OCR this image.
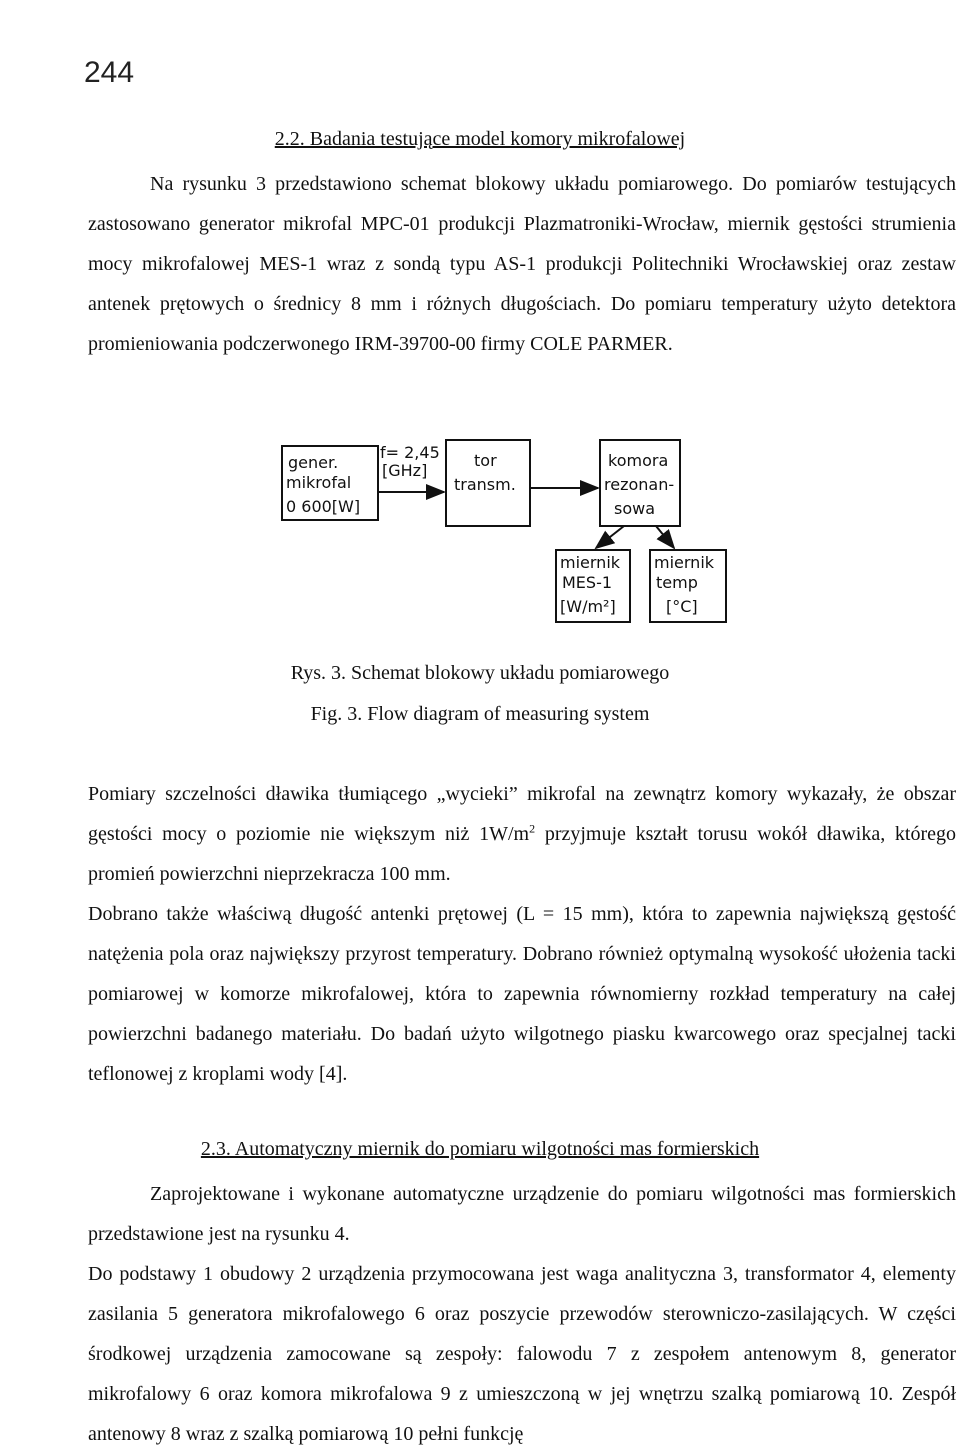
244
2.2. Badania testujące model komory mikrofalowej

Na rysunku 3 przedstawiono schemat blokowy układu pomiarowego. Do pomiarów testujących zastosowano generator mikrofal MPC-01 produkcji Plazmatroniki-Wrocław, miernik gęstości strumienia mocy mikrofalowej MES-1 wraz z sondą typu AS-1 produkcji Politechniki Wrocławskiej oraz zestaw antenek prętowych o średnicy 8 mm i różnych długościach. Do pomiaru temperatury użyto detektora promieniowania podczerwonego IRM-39700-00 firmy COLE PARMER.

gener.
mikrofal
0 600[W]
f= 2,45
[GHz]
tor
transm.
komora
rezonan-
sowa
miernik
MES-1
[W/m²]
miernik
temp
[°C]
Rys. 3. Schemat blokowy układu pomiarowego
Fig. 3. Flow diagram of measuring system

Pomiary szczelności dławika tłumiącego „wycieki” mikrofal na zewnątrz komory wykazały, że obszar gęstości mocy o poziomie nie większym niż $1W/m^2$ przyjmuje kształt torusu wokół dławika, którego promień powierzchni nieprzekracza 100 mm.

Dobrano także właściwą długość antenki prętowej (L = 15 mm), która to zapewnia największą gęstość natężenia pola oraz największy przyrost temperatury. Dobrano również optymalną wysokość ułożenia tacki pomiarowej w komorze mikrofalowej, która to zapewnia równomierny rozkład temperatury na całej powierzchni badanego materiału. Do badań użyto wilgotnego piasku kwarcowego oraz specjalnej tacki teflonowej z kroplami wody [4].

2.3. Automatyczny miernik do pomiaru wilgotności mas formierskich

Zaprojektowane i wykonane automatyczne urządzenie do pomiaru wilgotności mas formierskich przedstawione jest na rysunku 4.

Do podstawy 1 obudowy 2 urządzenia przymocowana jest waga analityczna 3, transformator 4, elementy zasilania 5 generatora mikrofalowego 6 oraz poszycie przewodów sterowniczo-zasilających. W części środkowej urządzenia zamocowane są zespoły: falowodu 7 z zespołem antenowym 8, generator mikrofalowy 6 oraz komora mikrofalowa 9 z umieszczoną w jej wnętrzu szalką pomiarową 10. Zespół antenowy 8 wraz z szalką pomiarową 10 pełni funkcję
